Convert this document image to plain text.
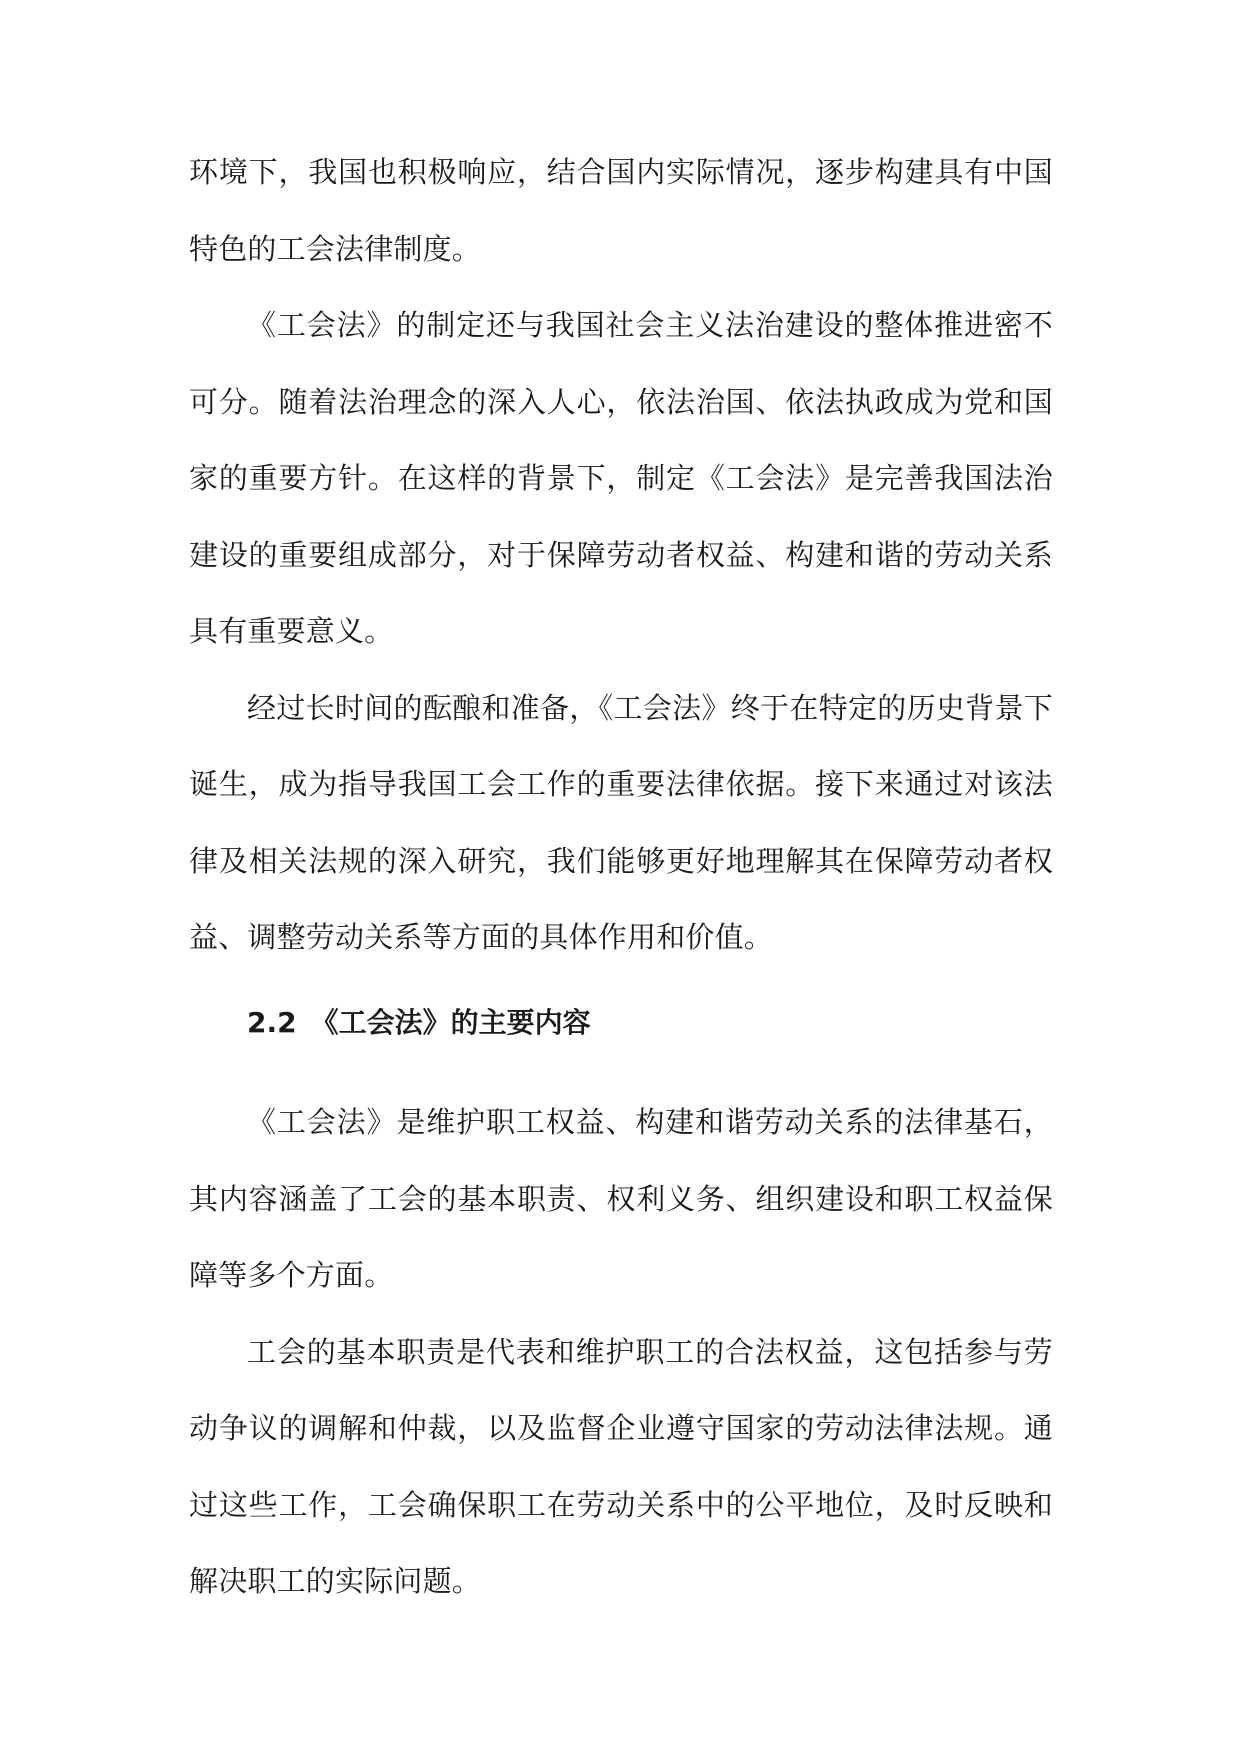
环境下，我国也积极响应，结合国内实际情况，逐步构建具有中国特色的工会法律制度。

《工会法》的制定还与我国社会主义法治建设的整体推进密不可分。随着法治理念的深入人心，依法治国、依法执政成为党和国家的重要方针。在这样的背景下，制定《工会法》是完善我国法治建设的重要组成部分，对于保障劳动者权益、构建和谐的劳动关系具有重要意义。

经过长时间的酝酿和准备，《工会法》终于在特定的历史背景下诞生，成为指导我国工会工作的重要法律依据。接下来通过对该法律及相关法规的深入研究，我们能够更好地理解其在保障劳动者权益、调整劳动关系等方面的具体作用和价值。

2.2 《工会法》的主要内容

《工会法》是维护职工权益、构建和谐劳动关系的法律基石，其内容涵盖了工会的基本职责、权利义务、组织建设和职工权益保障等多个方面。

工会的基本职责是代表和维护职工的合法权益，这包括参与劳动争议的调解和仲裁，以及监督企业遵守国家的劳动法律法规。通过这些工作，工会确保职工在劳动关系中的公平地位，及时反映和解决职工的实际问题。
